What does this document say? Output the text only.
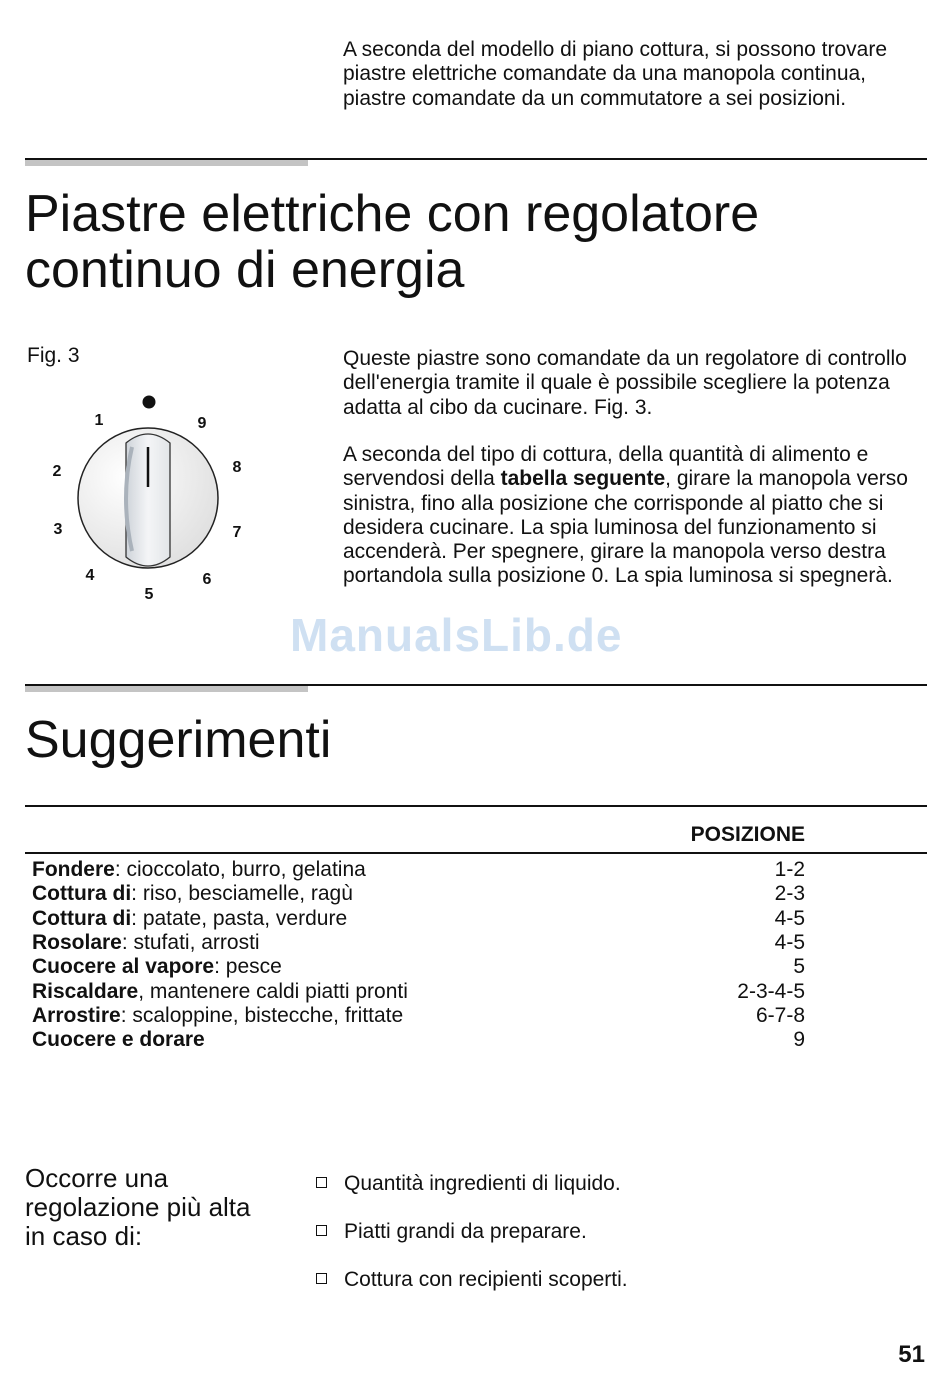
A seconda del modello di piano cottura, si possono trovare piastre elettriche comandate da una manopola continua, piastre comandate da un commutatore a sei posizioni.

Piastre elettriche con regolatore
continuo di energia
Fig. 3
1
2
3
4
5
6
7
8
9

Queste piastre sono comandate da un regolatore di controllo dell'energia tramite il quale è possibile scegliere la potenza adatta al cibo da cucinare. Fig. 3.

A seconda del tipo di cottura, della quantità di alimento e servendosi della tabella seguente, girare la manopola verso sinistra, fino alla posizione che corrisponde al piatto che si desidera cucinare. La spia luminosa del funzionamento si accenderà. Per spegnere, girare la manopola verso destra portandola sulla posizione 0. La spia luminosa si spegnerà.

ManualsLib.de
Suggerimenti
POSIZIONE
Fondere: cioccolato, burro, gelatina	1-2
Cottura di: riso, besciamelle, ragù	2-3
Cottura di: patate, pasta, verdure	4-5
Rosolare: stufati, arrosti	4-5
Cuocere al vapore: pesce	5
Riscaldare, mantenere caldi piatti pronti	2-3-4-5
Arrostire: scaloppine, bistecche, frittate	6-7-8
Cuocere e dorare	9
Occorre una
regolazione più alta
in caso di:
Quantità ingredienti di liquido.
Piatti grandi da preparare.
Cottura con recipienti scoperti.
51
